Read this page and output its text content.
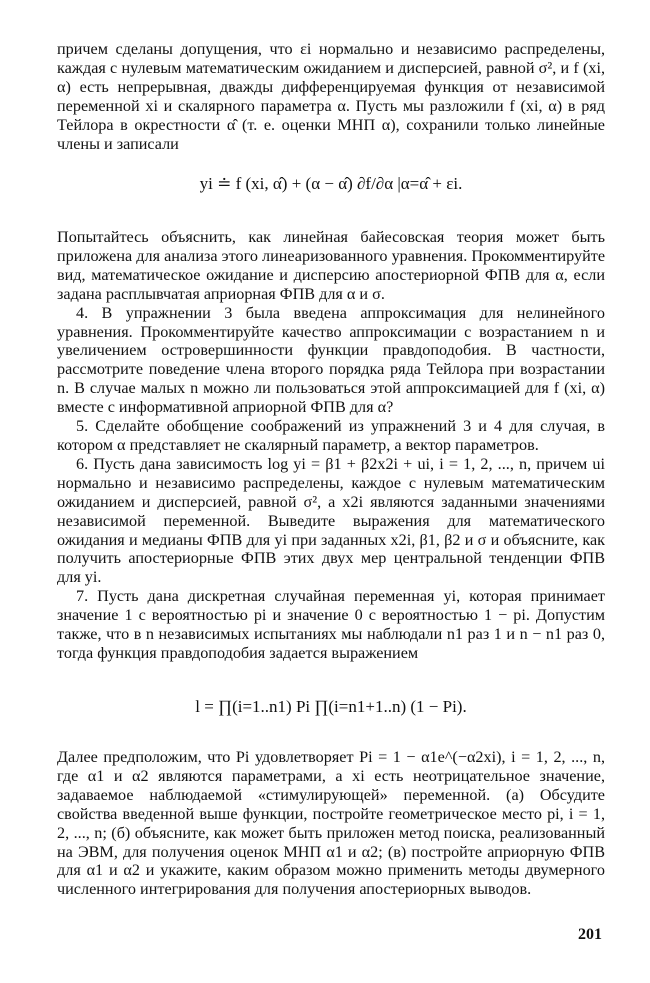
причем сделаны допущения, что εi нормально и независимо распределены, каждая с нулевым математическим ожиданием и дисперсией, равной σ², и f (xi, α) есть непрерывная, дважды дифференцируемая функция от независимой переменной xi и скалярного параметра α. Пусть мы разложили f (xi, α) в ряд Тейлора в окрестности α̂ (т. е. оценки МНП α), сохранили только линейные члены и записали

yi ≐ f (xi, α̂) + (α − α̂) ∂f/∂α |α=α̂ + εi.

Попытайтесь объяснить, как линейная байесовская теория может быть приложена для анализа этого линеаризованного уравнения. Прокомментируйте вид, математическое ожидание и дисперсию апостериорной ФПВ для α, если задана расплывчатая априорная ФПВ для α и σ.

4. В упражнении 3 была введена аппроксимация для нелинейного уравнения. Прокомментируйте качество аппроксимации с возрастанием n и увеличением островершинности функции правдоподобия. В частности, рассмотрите поведение члена второго порядка ряда Тейлора при возрастании n. В случае малых n можно ли пользоваться этой аппроксимацией для f (xi, α) вместе с информативной априорной ФПВ для α?

5. Сделайте обобщение соображений из упражнений 3 и 4 для случая, в котором α представляет не скалярный параметр, а вектор параметров.

6. Пусть дана зависимость log yi = β1 + β2x2i + ui, i = 1, 2, ..., n, причем ui нормально и независимо распределены, каждое с нулевым математическим ожиданием и дисперсией, равной σ², а x2i являются заданными значениями независимой переменной. Выведите выражения для математического ожидания и медианы ФПВ для yi при заданных x2i, β1, β2 и σ и объясните, как получить апостериорные ФПВ этих двух мер центральной тенденции ФПВ для yi.

7. Пусть дана дискретная случайная переменная yi, которая принимает значение 1 с вероятностью pi и значение 0 с вероятностью 1 − pi. Допустим также, что в n независимых испытаниях мы наблюдали n1 раз 1 и n − n1 раз 0, тогда функция правдоподобия задается выражением

l = ∏(i=1..n1) Pi ∏(i=n1+1..n) (1 − Pi).

Далее предположим, что Pi удовлетворяет Pi = 1 − α1e^(−α2xi), i = 1, 2, ..., n, где α1 и α2 являются параметрами, а xi есть неотрицательное значение, задаваемое наблюдаемой «стимулирующей» переменной. (а) Обсудите свойства введенной выше функции, постройте геометрическое место pi, i = 1, 2, ..., n; (б) объясните, как может быть приложен метод поиска, реализованный на ЭВМ, для получения оценок МНП α1 и α2; (в) постройте априорную ФПВ для α1 и α2 и укажите, каким образом можно применить методы двумерного численного интегрирования для получения апостериорных выводов.

201
